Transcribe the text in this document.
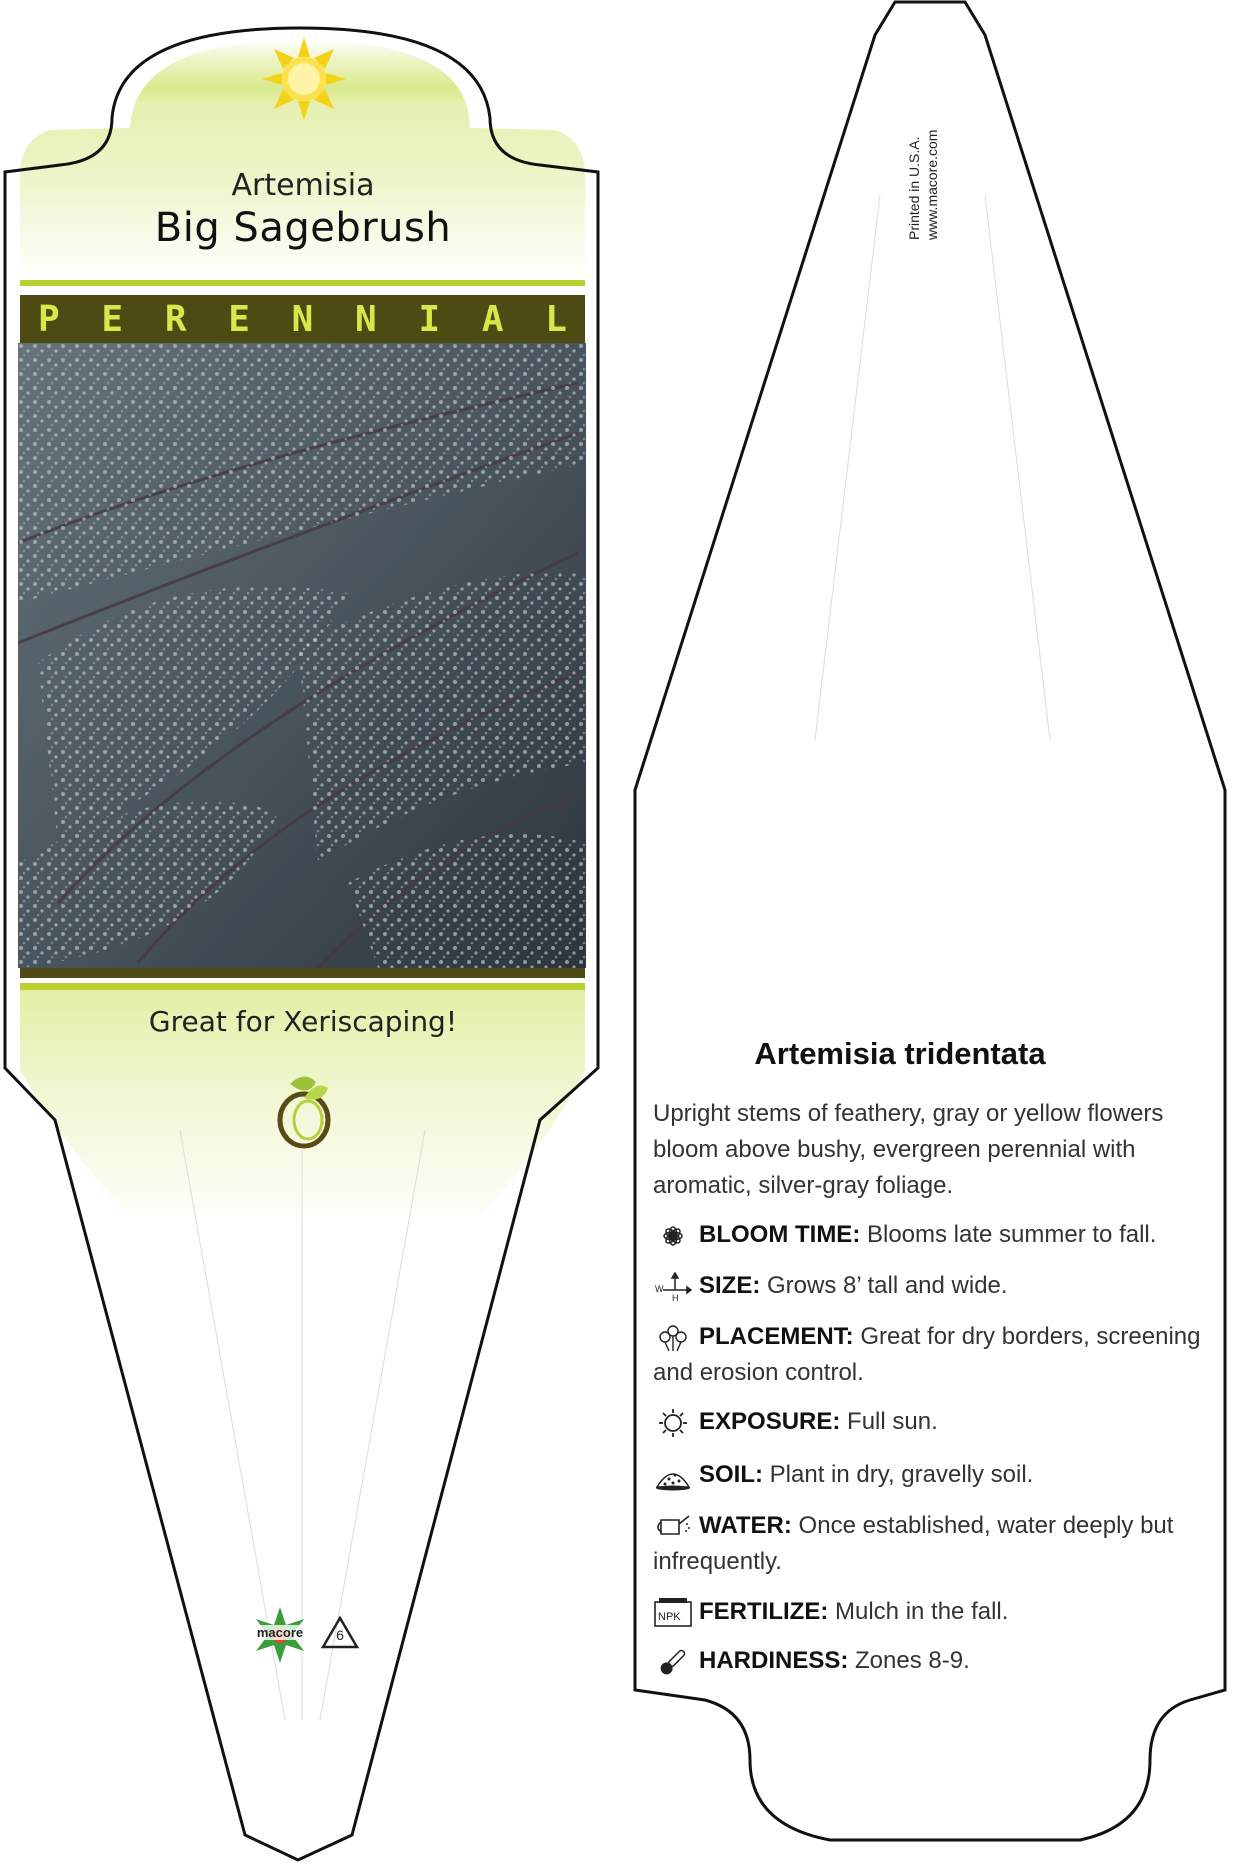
Artemisia
Big Sagebrush
P E R E N N I A L
Great for Xeriscaping!
macore	6
Printed in U.S.A. www.macore.com
Artemisia tridentata
Upright stems of feathery, gray or yellow flowers bloom above bushy, evergreen perennial with aromatic, silver-gray foliage.
BLOOM TIME: Blooms late summer to fall.
W
H SIZE: Grows 8’ tall and wide.
PLACEMENT: Great for dry borders, screening and erosion control.
EXPOSURE: Full sun.
SOIL: Plant in dry, gravelly soil.
WATER: Once established, water deeply but infrequently.
NPK FERTILIZE: Mulch in the fall.
HARDINESS: Zones 8-9.
